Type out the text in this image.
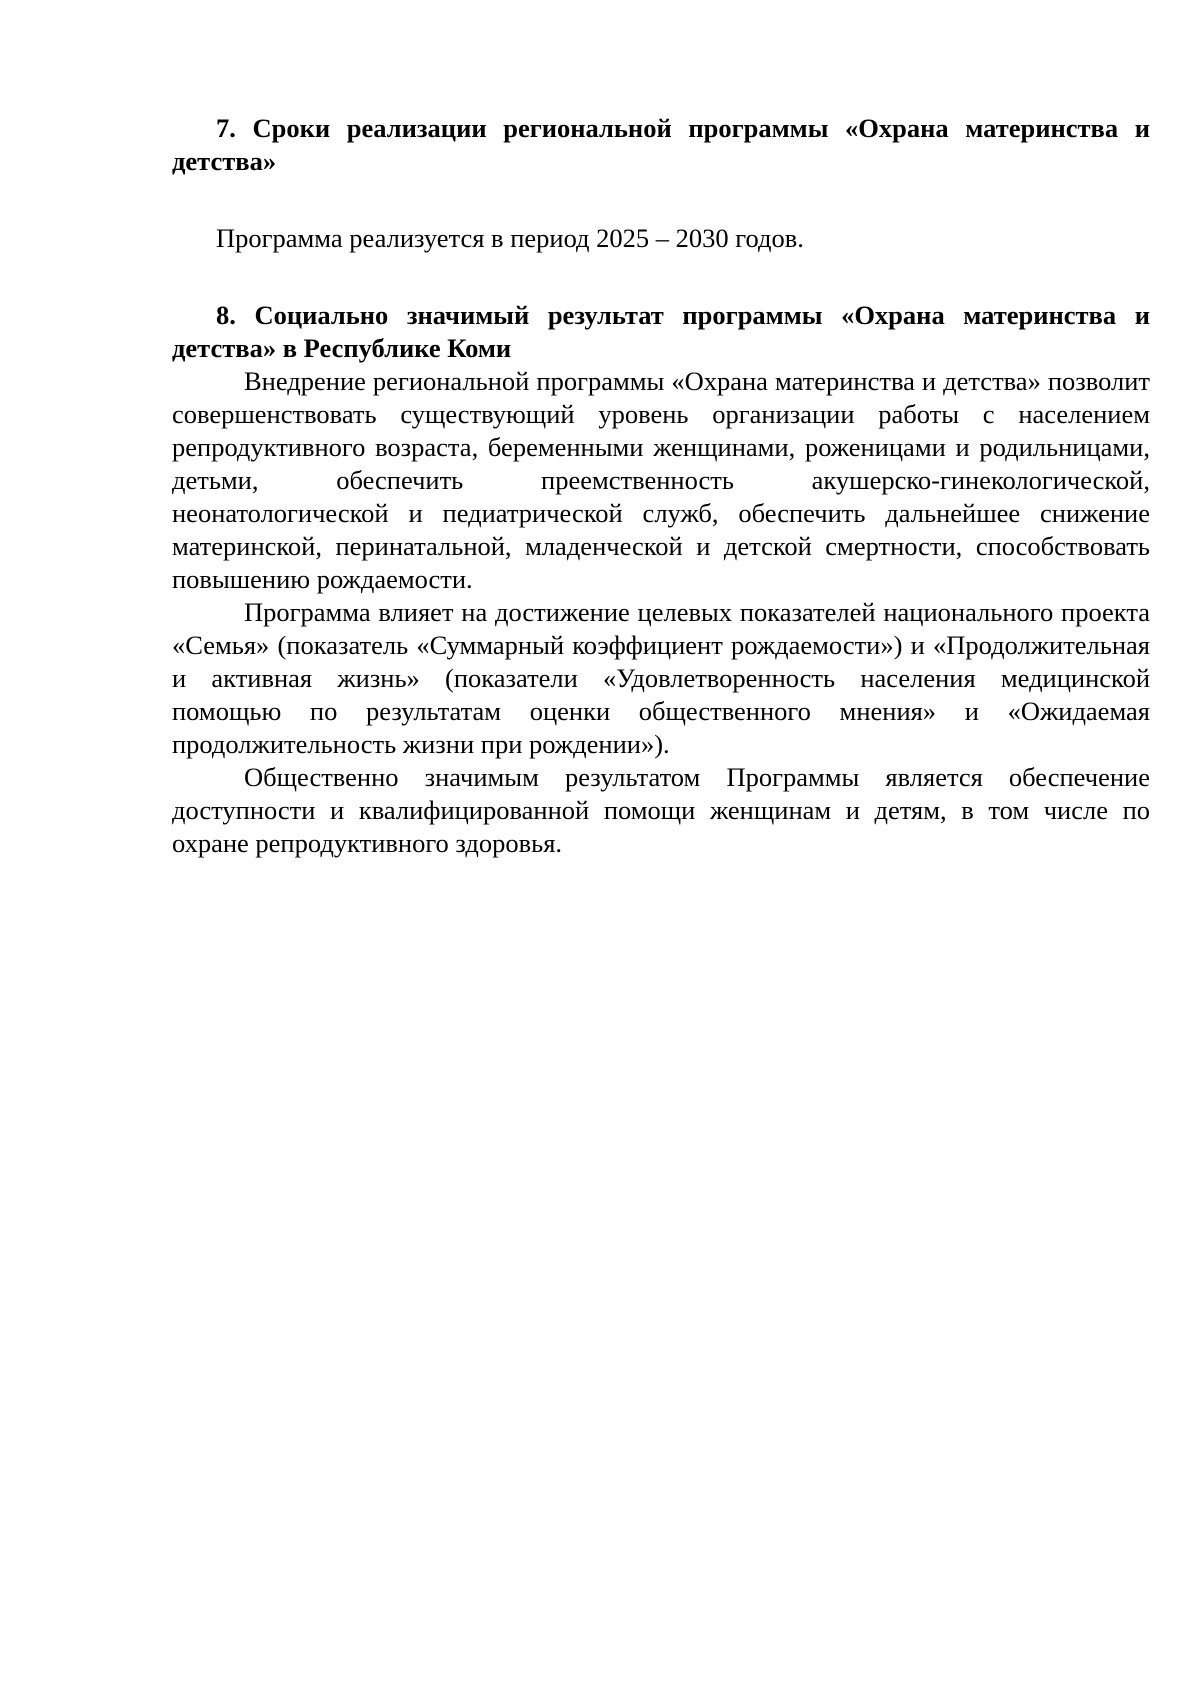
7. Сроки реализации региональной программы «Охрана материнства и детства»

Программа реализуется в период 2025 – 2030 годов.

8. Социально значимый результат программы «Охрана материнства и детства» в Республике Коми

Внедрение региональной программы «Охрана материнства и детства» позволит совершенствовать существующий уровень организации работы с населением репродуктивного возраста, беременными женщинами, роженицами и родильницами, детьми, обеспечить преемственность акушерско-гинекологической, неонатологической и педиатрической служб, обеспечить дальнейшее снижение материнской, перинатальной, младенческой и детской смертности, способствовать повышению рождаемости.

Программа влияет на достижение целевых показателей национального проекта «Семья» (показатель «Суммарный коэффициент рождаемости») и «Продолжительная и активная жизнь» (показатели «Удовлетворенность населения медицинской помощью по результатам оценки общественного мнения» и «Ожидаемая продолжительность жизни при рождении»).

Общественно значимым результатом Программы является обеспечение доступности и квалифицированной помощи женщинам и детям, в том числе по охране репродуктивного здоровья.
